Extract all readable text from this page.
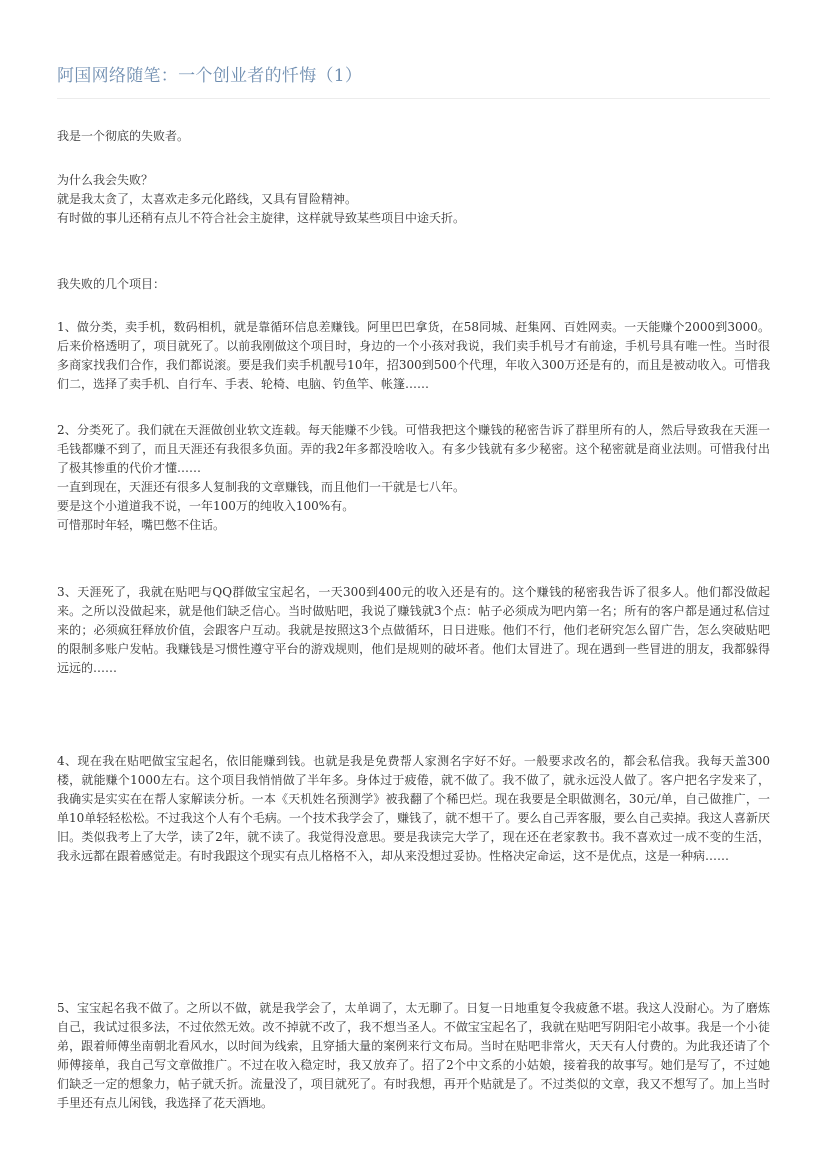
阿国网络随笔：一个创业者的忏悔（1）
我是一个彻底的失败者。
为什么我会失败？
就是我太贪了，太喜欢走多元化路线，又具有冒险精神。
有时做的事儿还稍有点儿不符合社会主旋律，这样就导致某些项目中途夭折。
我失败的几个项目：
1、做分类，卖手机，数码相机，就是靠循环信息差赚钱。阿里巴巴拿货，在58同城、赶集网、百姓网卖。一天能赚个2000到3000。后来价格透明了，项目就死了。以前我刚做这个项目时，身边的一个小孩对我说，我们卖手机号才有前途，手机号具有唯一性。当时很多商家找我们合作，我们都说滚。要是我们卖手机靓号10年，招300到500个代理，年收入300万还是有的，而且是被动收入。可惜我们二，选择了卖手机、自行车、手表、轮椅、电脑、钓鱼竿、帐篷……
2、分类死了。我们就在天涯做创业软文连载。每天能赚不少钱。可惜我把这个赚钱的秘密告诉了群里所有的人，然后导致我在天涯一毛钱都赚不到了，而且天涯还有我很多负面。弄的我2年多都没啥收入。有多少钱就有多少秘密。这个秘密就是商业法则。可惜我付出了极其惨重的代价才懂……
一直到现在，天涯还有很多人复制我的文章赚钱，而且他们一干就是七八年。
要是这个小道道我不说，一年100万的纯收入100%有。
可惜那时年轻，嘴巴憋不住话。
3、天涯死了，我就在贴吧与QQ群做宝宝起名，一天300到400元的收入还是有的。这个赚钱的秘密我告诉了很多人。他们都没做起来。之所以没做起来，就是他们缺乏信心。当时做贴吧，我说了赚钱就3个点：帖子必须成为吧内第一名；所有的客户都是通过私信过来的；必须疯狂释放价值，会跟客户互动。我就是按照这3个点做循环，日日进账。他们不行，他们老研究怎么留广告，怎么突破贴吧的限制多账户发帖。我赚钱是习惯性遵守平台的游戏规则，他们是规则的破坏者。他们太冒进了。现在遇到一些冒进的朋友，我都躲得远远的……
4、现在我在贴吧做宝宝起名，依旧能赚到钱。也就是我是免费帮人家测名字好不好。一般要求改名的，都会私信我。我每天盖300楼，就能赚个1000左右。这个项目我悄悄做了半年多。身体过于疲倦，就不做了。我不做了，就永远没人做了。客户把名字发来了，我确实是实实在在帮人家解读分析。一本《天机姓名预测学》被我翻了个稀巴烂。现在我要是全职做测名，30元/单，自己做推广，一单10单轻轻松松。不过我这个人有个毛病。一个技术我学会了，赚钱了，就不想干了。要么自己弄客服，要么自己卖掉。我这人喜新厌旧。类似我考上了大学，读了2年，就不读了。我觉得没意思。要是我读完大学了，现在还在老家教书。我不喜欢过一成不变的生活，我永远都在跟着感觉走。有时我跟这个现实有点儿格格不入，却从来没想过妥协。性格决定命运，这不是优点，这是一种病……
5、宝宝起名我不做了。之所以不做，就是我学会了，太单调了，太无聊了。日复一日地重复令我疲惫不堪。我这人没耐心。为了磨炼自己，我试过很多法，不过依然无效。改不掉就不改了，我不想当圣人。不做宝宝起名了，我就在贴吧写阴阳宅小故事。我是一个小徒弟，跟着师傅坐南朝北看风水，以时间为线索，且穿插大量的案例来行文布局。当时在贴吧非常火，天天有人付费的。为此我还请了个师傅接单，我自己写文章做推广。不过在收入稳定时，我又放弃了。招了2个中文系的小姑娘，接着我的故事写。她们是写了，不过她们缺乏一定的想象力，帖子就夭折。流量没了，项目就死了。有时我想，再开个贴就是了。不过类似的文章，我又不想写了。加上当时手里还有点儿闲钱，我选择了花天酒地。
